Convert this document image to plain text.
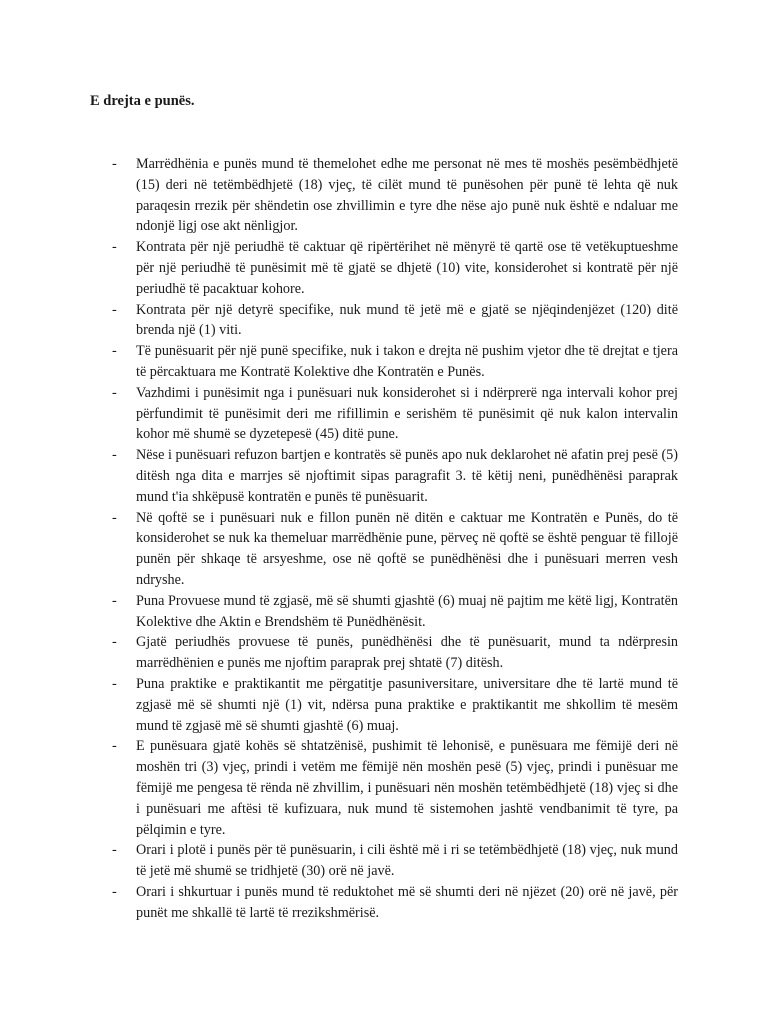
E drejta e punës.
-	Marrëdhënia e punës mund të themelohet edhe me personat në mes të moshës pesëmbëdhjetë (15) deri në tetëmbëdhjetë (18) vjeç, të cilët mund të punësohen për punë të lehta që nuk paraqesin rrezik për shëndetin ose zhvillimin e tyre dhe nëse ajo punë nuk është e ndaluar me ndonjë ligj ose akt nënligjor.

-	Kontrata për një periudhë të caktuar që ripërtërihet në mënyrë të qartë ose të vetëkuptueshme për një periudhë të punësimit më të gjatë se dhjetë (10) vite, konsiderohet si kontratë për një periudhë të pacaktuar kohore.

-	Kontrata për një detyrë specifike, nuk mund të jetë më e gjatë se njëqindenjëzet (120) ditë brenda një (1) viti.

-	Të punësuarit për një punë specifike, nuk i takon e drejta në pushim vjetor dhe të drejtat e tjera të përcaktuara me Kontratë Kolektive dhe Kontratën e Punës.

-	Vazhdimi i punësimit nga i punësuari nuk konsiderohet si i ndërprerë nga intervali kohor prej përfundimit të punësimit deri me rifillimin e serishëm të punësimit që nuk kalon intervalin kohor më shumë se dyzetepesë (45) ditë pune.

-	Nëse i punësuari refuzon bartjen e kontratës së punës apo nuk deklarohet në afatin prej pesë (5) ditësh nga dita e marrjes së njoftimit sipas paragrafit 3. të këtij neni, punëdhënësi paraprak mund t'ia shkëpusë kontratën e punës të punësuarit.

-	Në qoftë se i punësuari nuk e fillon punën në ditën e caktuar me Kontratën e Punës, do të konsiderohet se nuk ka themeluar marrëdhënie pune, përveç në qoftë se është penguar të fillojë punën për shkaqe të arsyeshme, ose në qoftë se punëdhënësi dhe i punësuari merren vesh ndryshe.

-	Puna Provuese mund të zgjasë, më së shumti gjashtë (6) muaj në pajtim me këtë ligj, Kontratën Kolektive dhe Aktin e Brendshëm të Punëdhënësit.

-	Gjatë periudhës provuese të punës, punëdhënësi dhe të punësuarit, mund ta ndërpresin marrëdhënien e punës me njoftim paraprak prej shtatë (7) ditësh.

-	Puna praktike e praktikantit me përgatitje pasuniversitare, universitare dhe të lartë mund të zgjasë më së shumti një (1) vit, ndërsa puna praktike e praktikantit me shkollim të mesëm mund të zgjasë më së shumti gjashtë (6) muaj.

-	E punësuara gjatë kohës së shtatzënisë, pushimit të lehonisë, e punësuara me fëmijë deri në moshën tri (3) vjeç, prindi i vetëm me fëmijë nën moshën pesë (5) vjeç, prindi i punësuar me fëmijë me pengesa të rënda në zhvillim, i punësuari nën moshën tetëmbëdhjetë (18) vjeç si dhe i punësuari me aftësi të kufizuara, nuk mund të sistemohen jashtë vendbanimit të tyre, pa pëlqimin e tyre.

-	Orari i plotë i punës për të punësuarin, i cili është më i ri se tetëmbëdhjetë (18) vjeç, nuk mund të jetë më shumë se tridhjetë (30) orë në javë.

-	Orari i shkurtuar i punës mund të reduktohet më së shumti deri në njëzet (20) orë në javë, për punët me shkallë të lartë të rrezikshmërisë.
